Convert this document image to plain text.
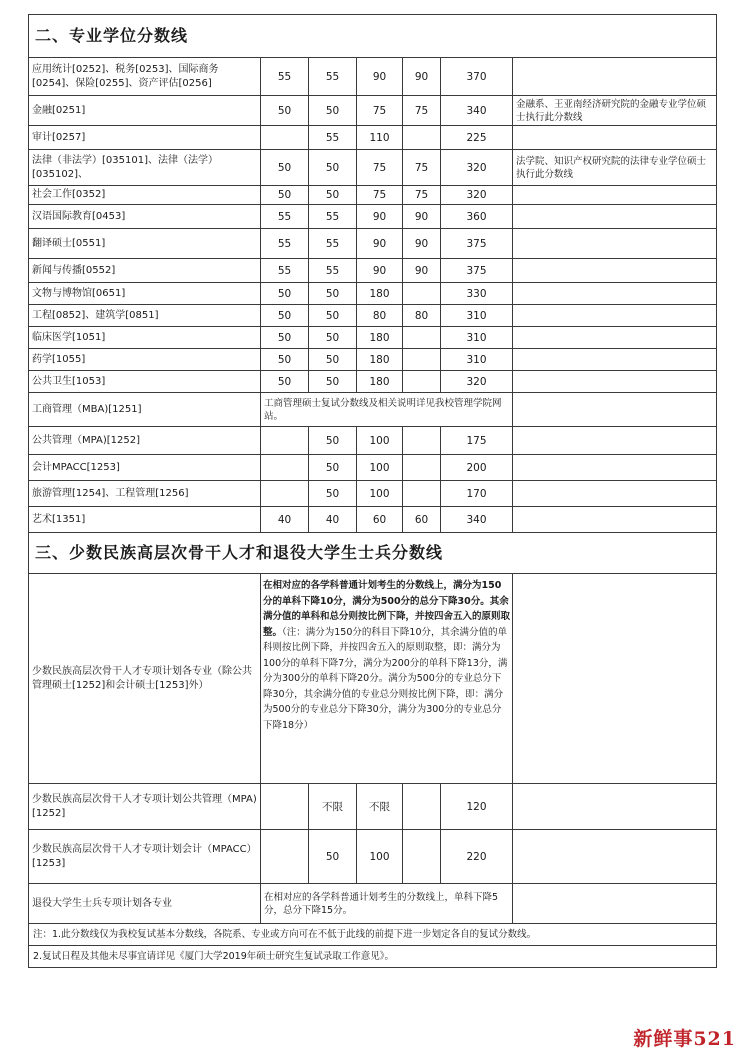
二、专业学位分数线						
应用统计[0252]、税务[0253]、国际商务[0254]、保险[0255]、资产评估[0256]	55	55	90	90	370	
金融[0251]	50	50	75	75	340	金融系、王亚南经济研究院的金融专业学位硕士执行此分数线
审计[0257]		55	110		225	
法律（非法学）[035101]、法律（法学）[035102]、	50	50	75	75	320	法学院、知识产权研究院的法律专业学位硕士执行此分数线
社会工作[0352]	50	50	75	75	320	
汉语国际教育[0453]	55	55	90	90	360	
翻译硕士[0551]	55	55	90	90	375	
新闻与传播[0552]	55	55	90	90	375	
文物与博物馆[0651]	50	50	180		330	
工程[0852]、建筑学[0851]	50	50	80	80	310	
临床医学[1051]	50	50	180		310	
药学[1055]	50	50	180		310	
公共卫生[1053]	50	50	180		320	
工商管理（MBA)[1251]	工商管理硕士复试分数线及相关说明详见我校管理学院网站。					
公共管理（MPA)[1252]		50	100		175	
会计MPACC[1253]		50	100		200	
旅游管理[1254]、工程管理[1256]		50	100		170	
艺术[1351]	40	40	60	60	340	
三、少数民族高层次骨干人才和退役大学生士兵分数线						
少数民族高层次骨干人才专项计划各专业（除公共管理硕士[1252]和会计硕士[1253]外）	在相对应的各学科普通计划考生的分数线上，满分为150分的单科下降10分，满分为500分的总分下降30分。其余满分值的单科和总分则按比例下降，并按四舍五入的原则取整。（注：满分为150分的科目下降10分，其余满分值的单科则按比例下降，并按四舍五入的原则取整，即：满分为100分的单科下降7分，满分为200分的单科下降13分，满分为300分的单科下降20分。满分为500分的专业总分下降30分，其余满分值的专业总分则按比例下降，即：满分为500分的专业总分下降30分，满分为300分的专业总分下降18分）					
少数民族高层次骨干人才专项计划公共管理（MPA)[1252]		不限	不限		120	
少数民族高层次骨干人才专项计划会计（MPACC）[1253]		50	100		220	
退役大学生士兵专项计划各专业	在相对应的各学科普通计划考生的分数线上，单科下降5分，总分下降15分。					
注：1.此分数线仅为我校复试基本分数线，各院系、专业或方向可在不低于此线的前提下进一步划定各自的复试分数线。						
2.复试日程及其他未尽事宜请详见《厦门大学2019年硕士研究生复试录取工作意见》。						
新鲜事521
